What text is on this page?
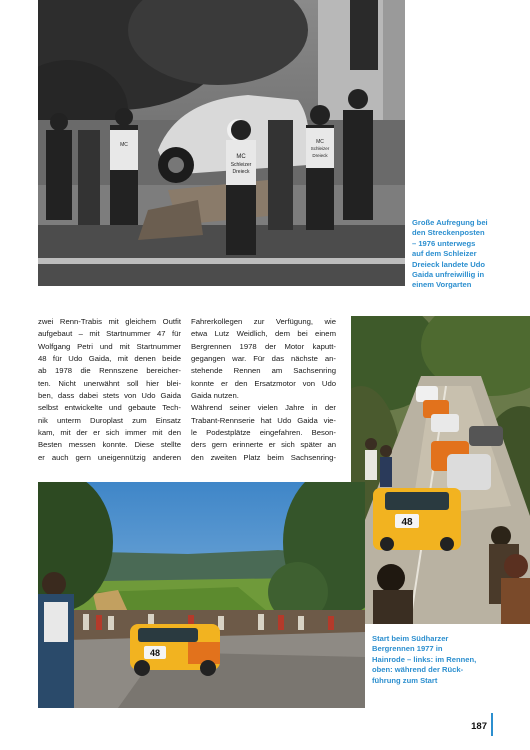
MC
MC
Schleizer
Dreieck
MC
Schleizer
Dreieck
Große Aufregung bei
den Streckenposten
– 1976 unterwegs
auf dem Schleizer
Dreieck landete Udo
Gaida unfreiwillig in
einem Vorgarten
zwei Renn-Trabis mit gleichem Outfit
aufgebaut – mit Startnummer 47 für
Wolfgang Petri und mit Startnummer
48 für Udo Gaida, mit denen beide
ab 1978 die Rennszene bereicher-
ten. Nicht unerwähnt soll hier blei-
ben, dass dabei stets von Udo Gaida
selbst entwickelte und gebaute Tech-
nik unterm Duroplast zum Einsatz
kam, mit der er sich immer mit den
Besten messen konnte. Diese stellte
er auch gern uneigennützig anderen
Fahrerkollegen zur Verfügung, wie
etwa Lutz Weidlich, dem bei einem
Bergrennen 1978 der Motor kaputt-
gegangen war. Für das nächste an-
stehende Rennen am Sachsenring
konnte er den Ersatzmotor von Udo
Gaida nutzen.
Während seiner vielen Jahre in der
Trabant-Rennserie hat Udo Gaida vie-
le Podestplätze eingefahren. Beson-
ders gern erinnerte er sich später an
den zweiten Platz beim Sachsenring-
48
48
Start beim Südharzer
Bergrennen 1977 in
Hainrode – links: im Rennen,
oben: während der Rück-
führung zum Start
187
